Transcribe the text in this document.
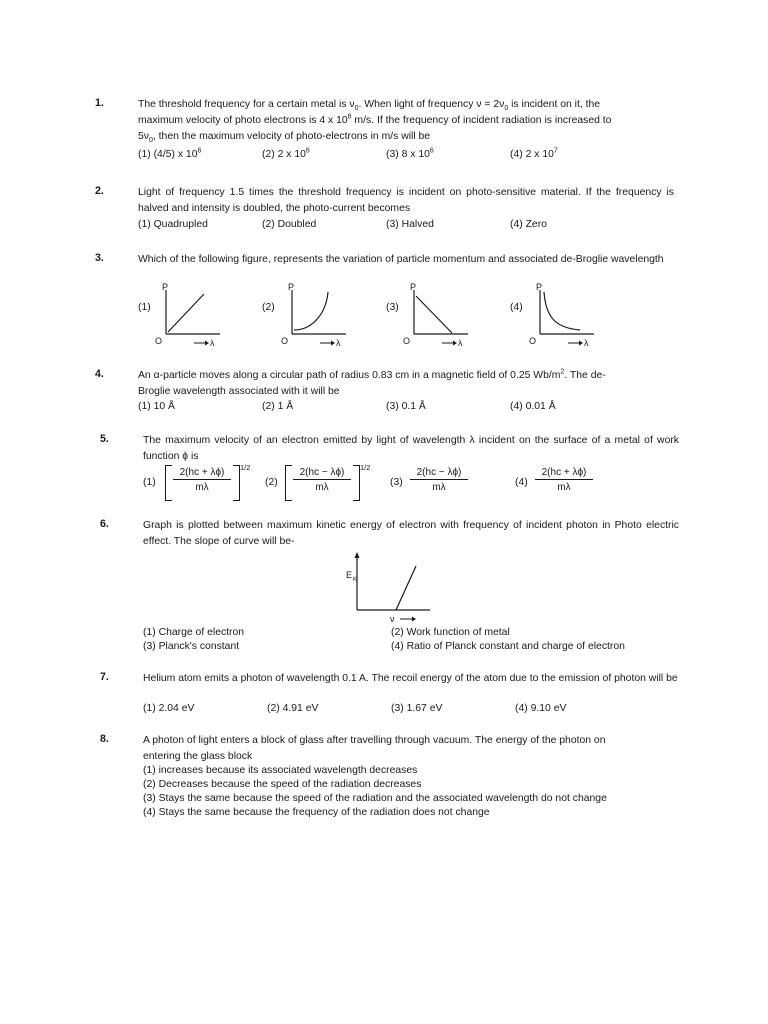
1.	The threshold frequency for a certain metal is $\nu_0$. When light of frequency $\nu = 2\nu_0$ is incident on it, the

maximum velocity of photo electrons is 4 x $10^6$ m/s. If the frequency of incident radiation is increased to

$5\nu_0$, then the maximum velocity of photo-electrons in m/s will be

(1) (4/5) x $10^6$	(2) 2 x $10^6$	(3) 8 x $10^6$	(4) 2 x $10^7$
2.	Light of frequency 1.5 times the threshold frequency is incident on photo-sensitive material. If the frequency is halved and intensity is doubled, the photo-current becomes
(1) Quadrupled	(2) Doubled	(3) Halved	(4) Zero
3.	Which of the following figure, represents the variation of particle momentum and associated de-Broglie wavelength
(1)	(2)	(3)	(4)
P
O	λ
P
O	λ
P
O	λ
P
O	λ
4.	An α-particle moves along a circular path of radius 0.83 cm in a magnetic field of 0.25 $Wb/m^2$. The de-

Broglie wavelength associated with it will be

(1) 10 Å	(2) 1 Å	(3) 0.1 Å	(4) 0.01 Å
5.	The maximum velocity of an electron emitted by light of wavelength λ incident on the surface of a metal of work function ϕ is
$(1) \frac{2(hc + \lambda\phi)}{m\lambda} 1/2$
$(2) \frac{2(hc - \lambda\phi)}{m\lambda} 1/2$
$(3) \frac{2(hc - \lambda\phi)}{m\lambda}$	$(4) \frac{2(hc + \lambda\phi)}{m\lambda}$
6.	Graph is plotted between maximum kinetic energy of electron with frequency of incident photon in Photo electric effect. The slope of curve will be-
E K
ν
(1) Charge of electron	(2) Work function of metal
(3) Planck's constant	(4) Ratio of Planck constant and charge of electron
7.	Helium atom emits a photon of wavelength 0.1 A. The recoil energy of the atom due to the emission of photon will be
(1) 2.04 eV	(2) 4.91 eV	(3) 1.67 eV	(4) 9.10 eV
8.	A photon of light enters a block of glass after travelling through vacuum. The energy of the photon on

entering the glass block

(1) increases because its associated wavelength decreases
(2) Decreases because the speed of the radiation decreases
(3) Stays the same because the speed of the radiation and the associated wavelength do not change
(4) Stays the same because the frequency of the radiation does not change
